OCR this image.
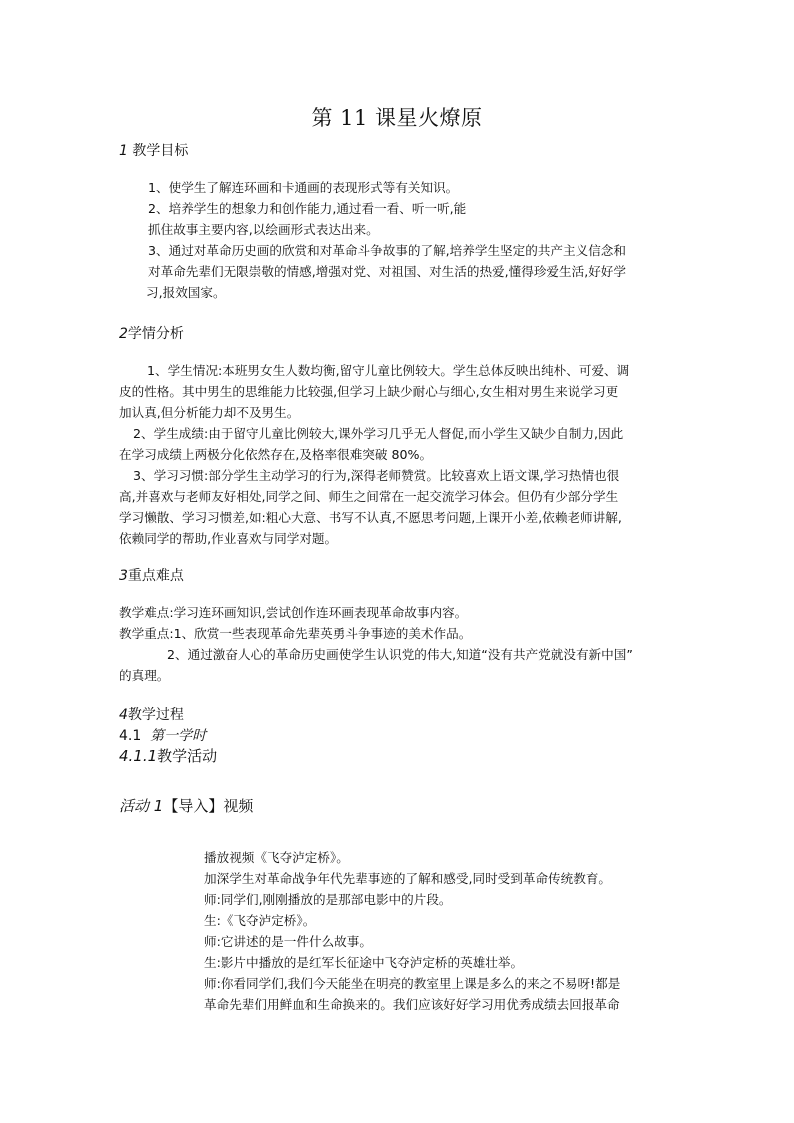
第 11 课星火燎原
1 教学目标

1、使学生了解连环画和卡通画的表现形式等有关知识。

2、培养学生的想象力和创作能力,通过看一看、听一听,能

抓住故事主要内容,以绘画形式表达出来。

3、通过对革命历史画的欣赏和对革命斗争故事的了解,培养学生坚定的共产主义信念和

对革命先辈们无限崇敬的情感,增强对党、对祖国、对生活的热爱,懂得珍爱生活,好好学

习,报效国家。

2学情分析

1、学生情况:本班男女生人数均衡,留守儿童比例较大。学生总体反映出纯朴、可爱、调

皮的性格。其中男生的思维能力比较强,但学习上缺少耐心与细心,女生相对男生来说学习更

加认真,但分析能力却不及男生。

2、学生成绩:由于留守儿童比例较大,课外学习几乎无人督促,而小学生又缺少自制力,因此

在学习成绩上两极分化依然存在,及格率很难突破 80%。

3、学习习惯:部分学生主动学习的行为,深得老师赞赏。比较喜欢上语文课,学习热情也很

高,并喜欢与老师友好相处,同学之间、师生之间常在一起交流学习体会。但仍有少部分学生

学习懒散、学习习惯差,如:粗心大意、书写不认真,不愿思考问题,上课开小差,依赖老师讲解,

依赖同学的帮助,作业喜欢与同学对题。

3重点难点

教学难点:学习连环画知识,尝试创作连环画表现革命故事内容。

教学重点:1、欣赏一些表现革命先辈英勇斗争事迹的美术作品。

2、通过激奋人心的革命历史画使学生认识党的伟大,知道“没有共产党就没有新中国”

的真理。

4教学过程
4.1 第一学时
4.1.1教学活动
活动 1【导入】视频

播放视频《飞夺泸定桥》。

加深学生对革命战争年代先辈事迹的了解和感受,同时受到革命传统教育。

师:同学们,刚刚播放的是那部电影中的片段。

生:《飞夺泸定桥》。

师:它讲述的是一件什么故事。

生:影片中播放的是红军长征途中飞夺泸定桥的英雄壮举。

师:你看同学们,我们今天能坐在明亮的教室里上课是多么的来之不易呀!都是

革命先辈们用鲜血和生命换来的。我们应该好好学习用优秀成绩去回报革命
